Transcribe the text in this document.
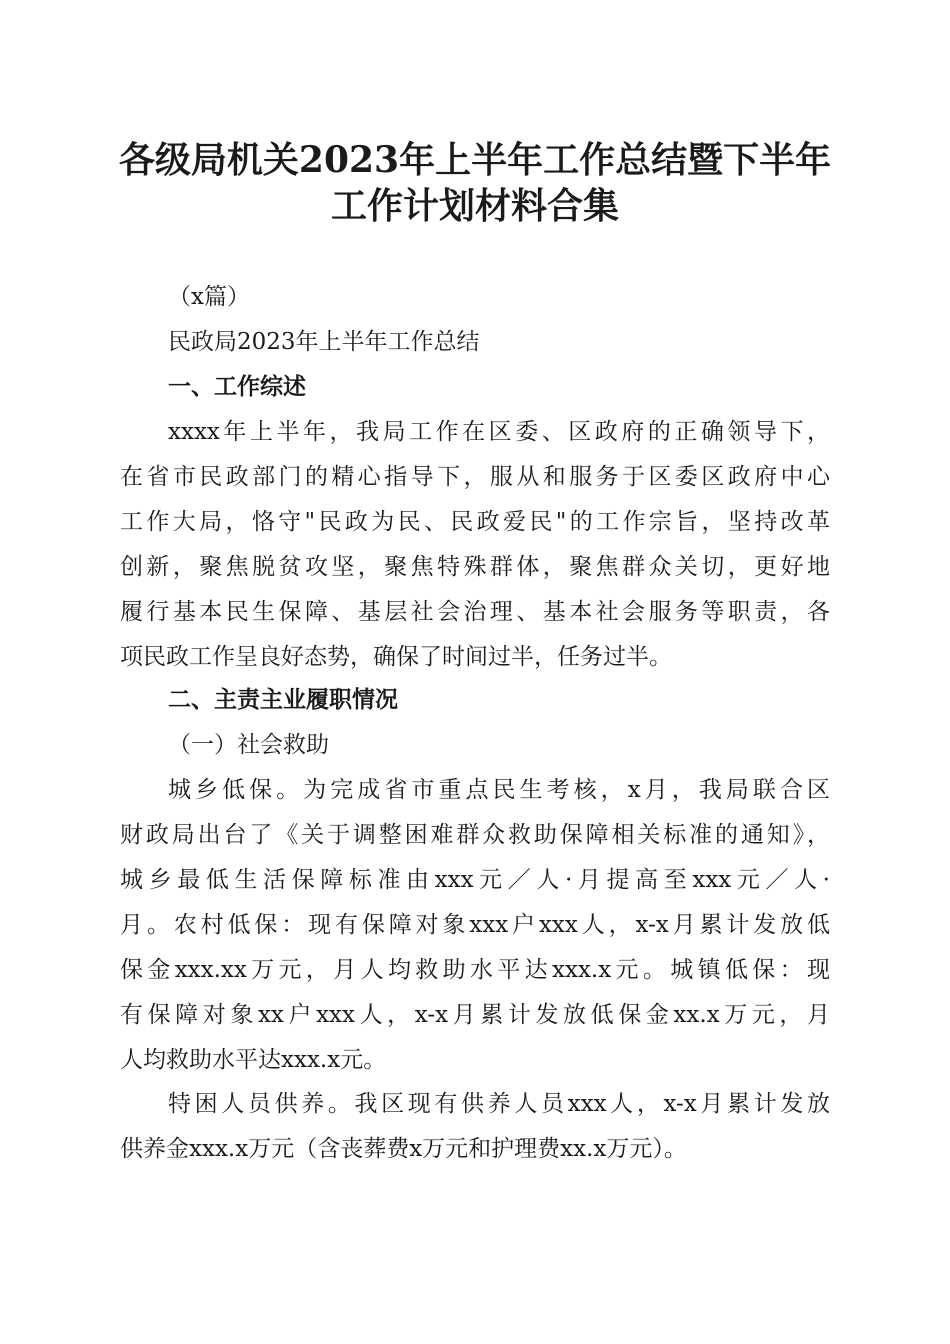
各级局机关2023年上半年工作总结暨下半年
工作计划材料合集

（x篇）

民政局2023年上半年工作总结

一、工作综述

xxxx年上半年，我局工作在区委、区政府的正确领导下，

在省市民政部门的精心指导下，服从和服务于区委区政府中心

工作大局，恪守"民政为民、民政爱民"的工作宗旨，坚持改革

创新，聚焦脱贫攻坚，聚焦特殊群体，聚焦群众关切，更好地

履行基本民生保障、基层社会治理、基本社会服务等职责，各

项民政工作呈良好态势，确保了时间过半，任务过半。

二、主责主业履职情况

（一）社会救助

城乡低保。为完成省市重点民生考核，x月，我局联合区

财政局出台了《关于调整困难群众救助保障相关标准的通知》，

城乡最低生活保障标准由xxx元／人·月提高至xxx元／人·

月。农村低保：现有保障对象xxx户xxx人，x-x月累计发放低

保金xxx.xx万元，月人均救助水平达xxx.x元。城镇低保：现

有保障对象xx户xxx人，x-x月累计发放低保金xx.x万元，月

人均救助水平达xxx.x元。

特困人员供养。我区现有供养人员xxx人，x-x月累计发放

供养金xxx.x万元（含丧葬费x万元和护理费xx.x万元）。
